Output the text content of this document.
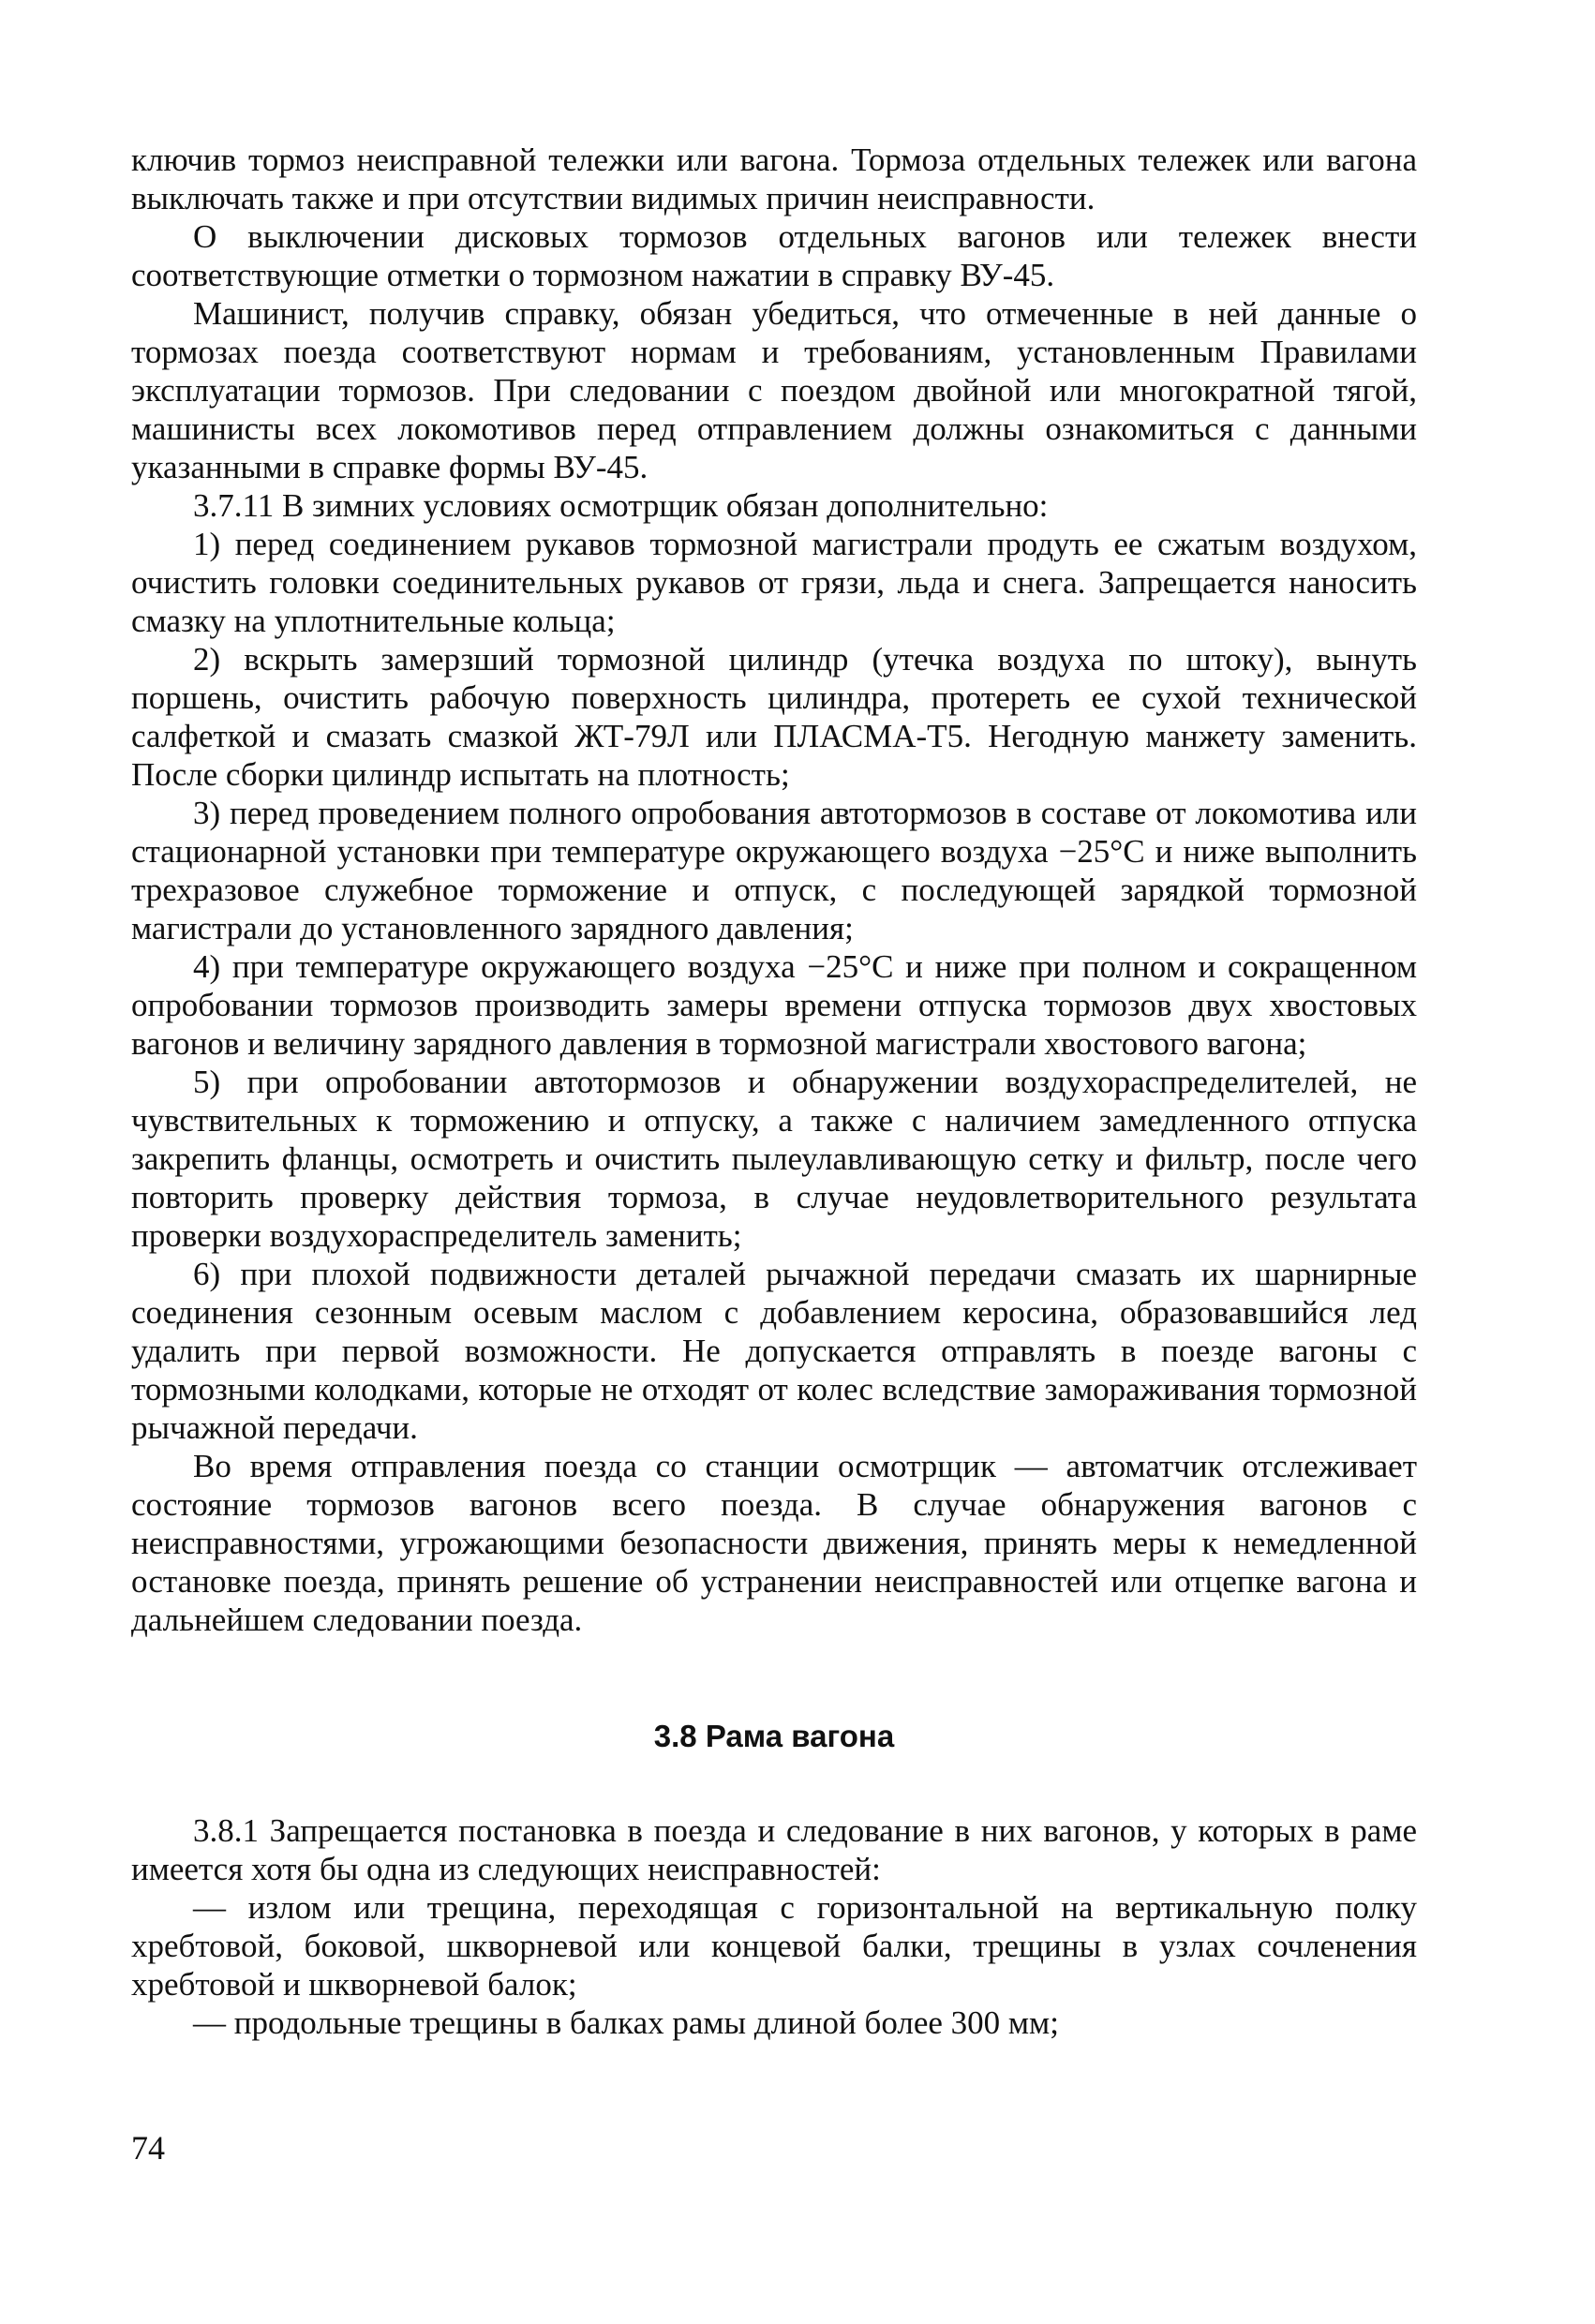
ключив тормоз неисправной тележки или вагона. Тормоза отдельных тележек или вагона выключать также и при отсутствии видимых причин неисправности.

О выключении дисковых тормозов отдельных вагонов или тележек внести соответствующие отметки о тормозном нажатии в справку ВУ-45.

Машинист, получив справку, обязан убедиться, что отмеченные в ней данные о тормозах поезда соответствуют нормам и требованиям, установленным Правилами эксплуатации тормозов. При следовании с поездом двойной или многократной тягой, машинисты всех локомотивов перед отправлением должны ознакомиться с данными указанными в справке формы ВУ-45.

3.7.11 В зимних условиях осмотрщик обязан дополнительно:

1) перед соединением рукавов тормозной магистрали продуть ее сжатым воздухом, очистить головки соединительных рукавов от грязи, льда и снега. Запрещается наносить смазку на уплотнительные кольца;

2) вскрыть замерзший тормозной цилиндр (утечка воздуха по штоку), вынуть поршень, очистить рабочую поверхность цилиндра, протереть ее сухой технической салфеткой и смазать смазкой ЖТ-79Л или ПЛАСМА-Т5. Негодную манжету заменить. После сборки цилиндр испытать на плотность;

3) перед проведением полного опробования автотормозов в составе от локомотива или стационарной установки при температуре окружающего воздуха −25°С и ниже выполнить трехразовое служебное торможение и отпуск, с последующей зарядкой тормозной магистрали до установленного зарядного давления;

4) при температуре окружающего воздуха −25°С и ниже при полном и сокращенном опробовании тормозов производить замеры времени отпуска тормозов двух хвостовых вагонов и величину зарядного давления в тормозной магистрали хвостового вагона;

5) при опробовании автотормозов и обнаружении воздухораспределителей, не чувствительных к торможению и отпуску, а также с наличием замедленного отпуска закрепить фланцы, осмотреть и очистить пылеулавливающую сетку и фильтр, после чего повторить проверку действия тормоза, в случае неудовлетворительного результата проверки воздухораспределитель заменить;

6) при плохой подвижности деталей рычажной передачи смазать их шарнирные соединения сезонным осевым маслом с добавлением керосина, образовавшийся лед удалить при первой возможности. Не допускается отправлять в поезде вагоны с тормозными колодками, которые не отходят от колес вследствие замораживания тормозной рычажной передачи.

Во время отправления поезда со станции осмотрщик — автоматчик отслеживает состояние тормозов вагонов всего поезда. В случае обнаружения вагонов с неисправностями, угрожающими безопасности движения, принять меры к немедленной остановке поезда, принять решение об устранении неисправностей или отцепке вагона и дальнейшем следовании поезда.

3.8 Рама вагона

3.8.1 Запрещается постановка в поезда и следование в них вагонов, у которых в раме имеется хотя бы одна из следующих неисправностей:

— излом или трещина, переходящая с горизонтальной на вертикальную полку хребтовой, боковой, шкворневой или концевой балки, трещины в узлах сочленения хребтовой и шкворневой балок;

— продольные трещины в балках рамы длиной более 300 мм;

74
